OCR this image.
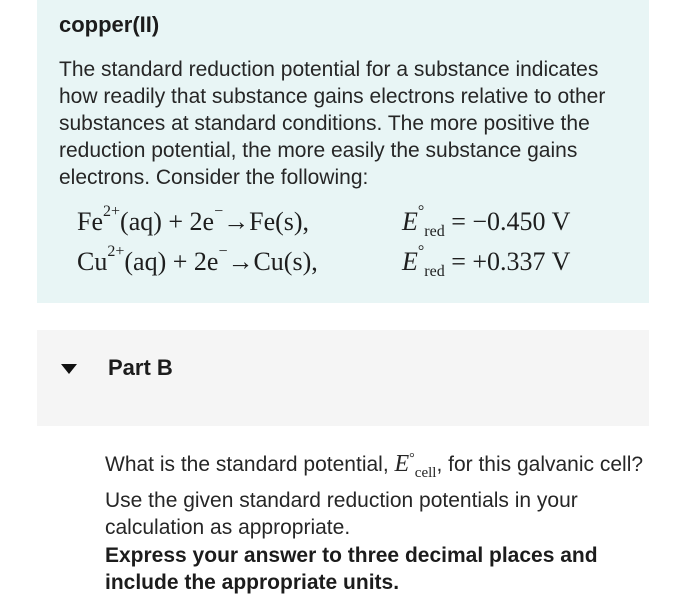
copper(II)
The standard reduction potential for a substance indicates how readily that substance gains electrons relative to other substances at standard conditions. The more positive the reduction potential, the more easily the substance gains electrons. Consider the following:
$Fe^{2+}(aq) + 2e^-\to Fe(s)$,	$E^\circ_{red} = -0.450$ V
$Cu^{2+}(aq) + 2e^-\to Cu(s)$,	$E^\circ_{red} = +0.337$ V
Part B
What is the standard potential, $E^\circ_{cell}$, for this galvanic cell? Use the given standard reduction potentials in your calculation as appropriate.
Express your answer to three decimal places and include the appropriate units.
